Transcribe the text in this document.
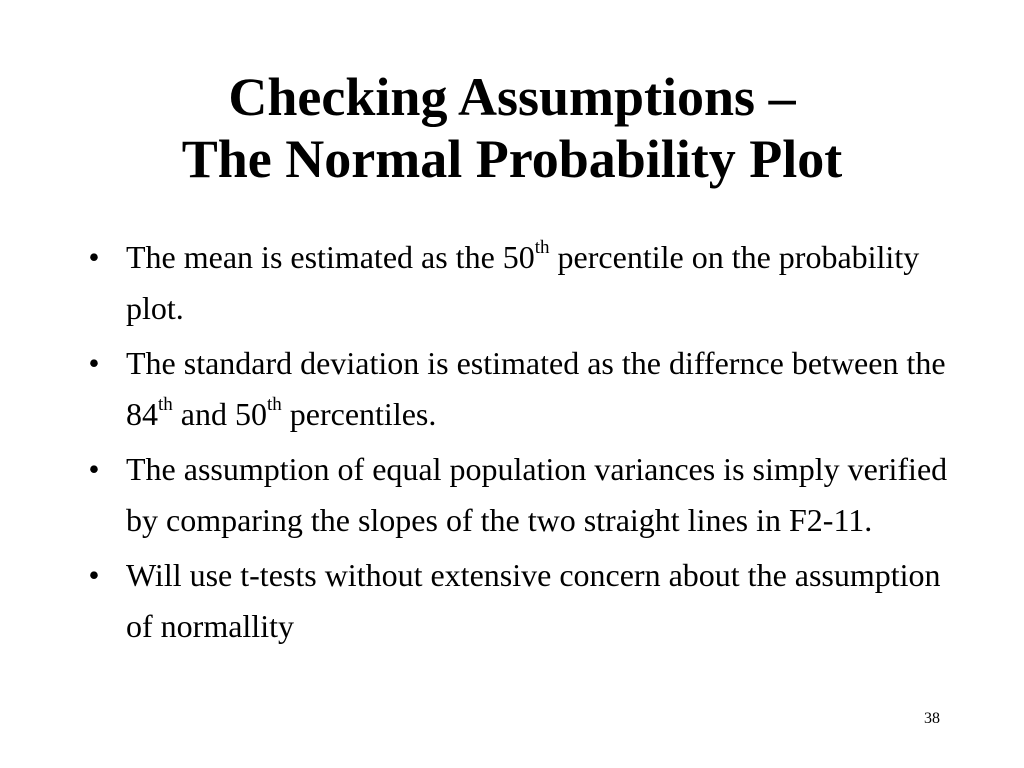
Checking Assumptions –
The Normal Probability Plot
• The mean is estimated as the 50th percentile on the probability plot.
• The standard deviation is estimated as the differnce between the 84th and 50th percentiles.
• The assumption of equal population variances is simply verified by comparing the slopes of the two straight lines in F2-11.
• Will use t-tests without extensive concern about the assumption of normallity
38
